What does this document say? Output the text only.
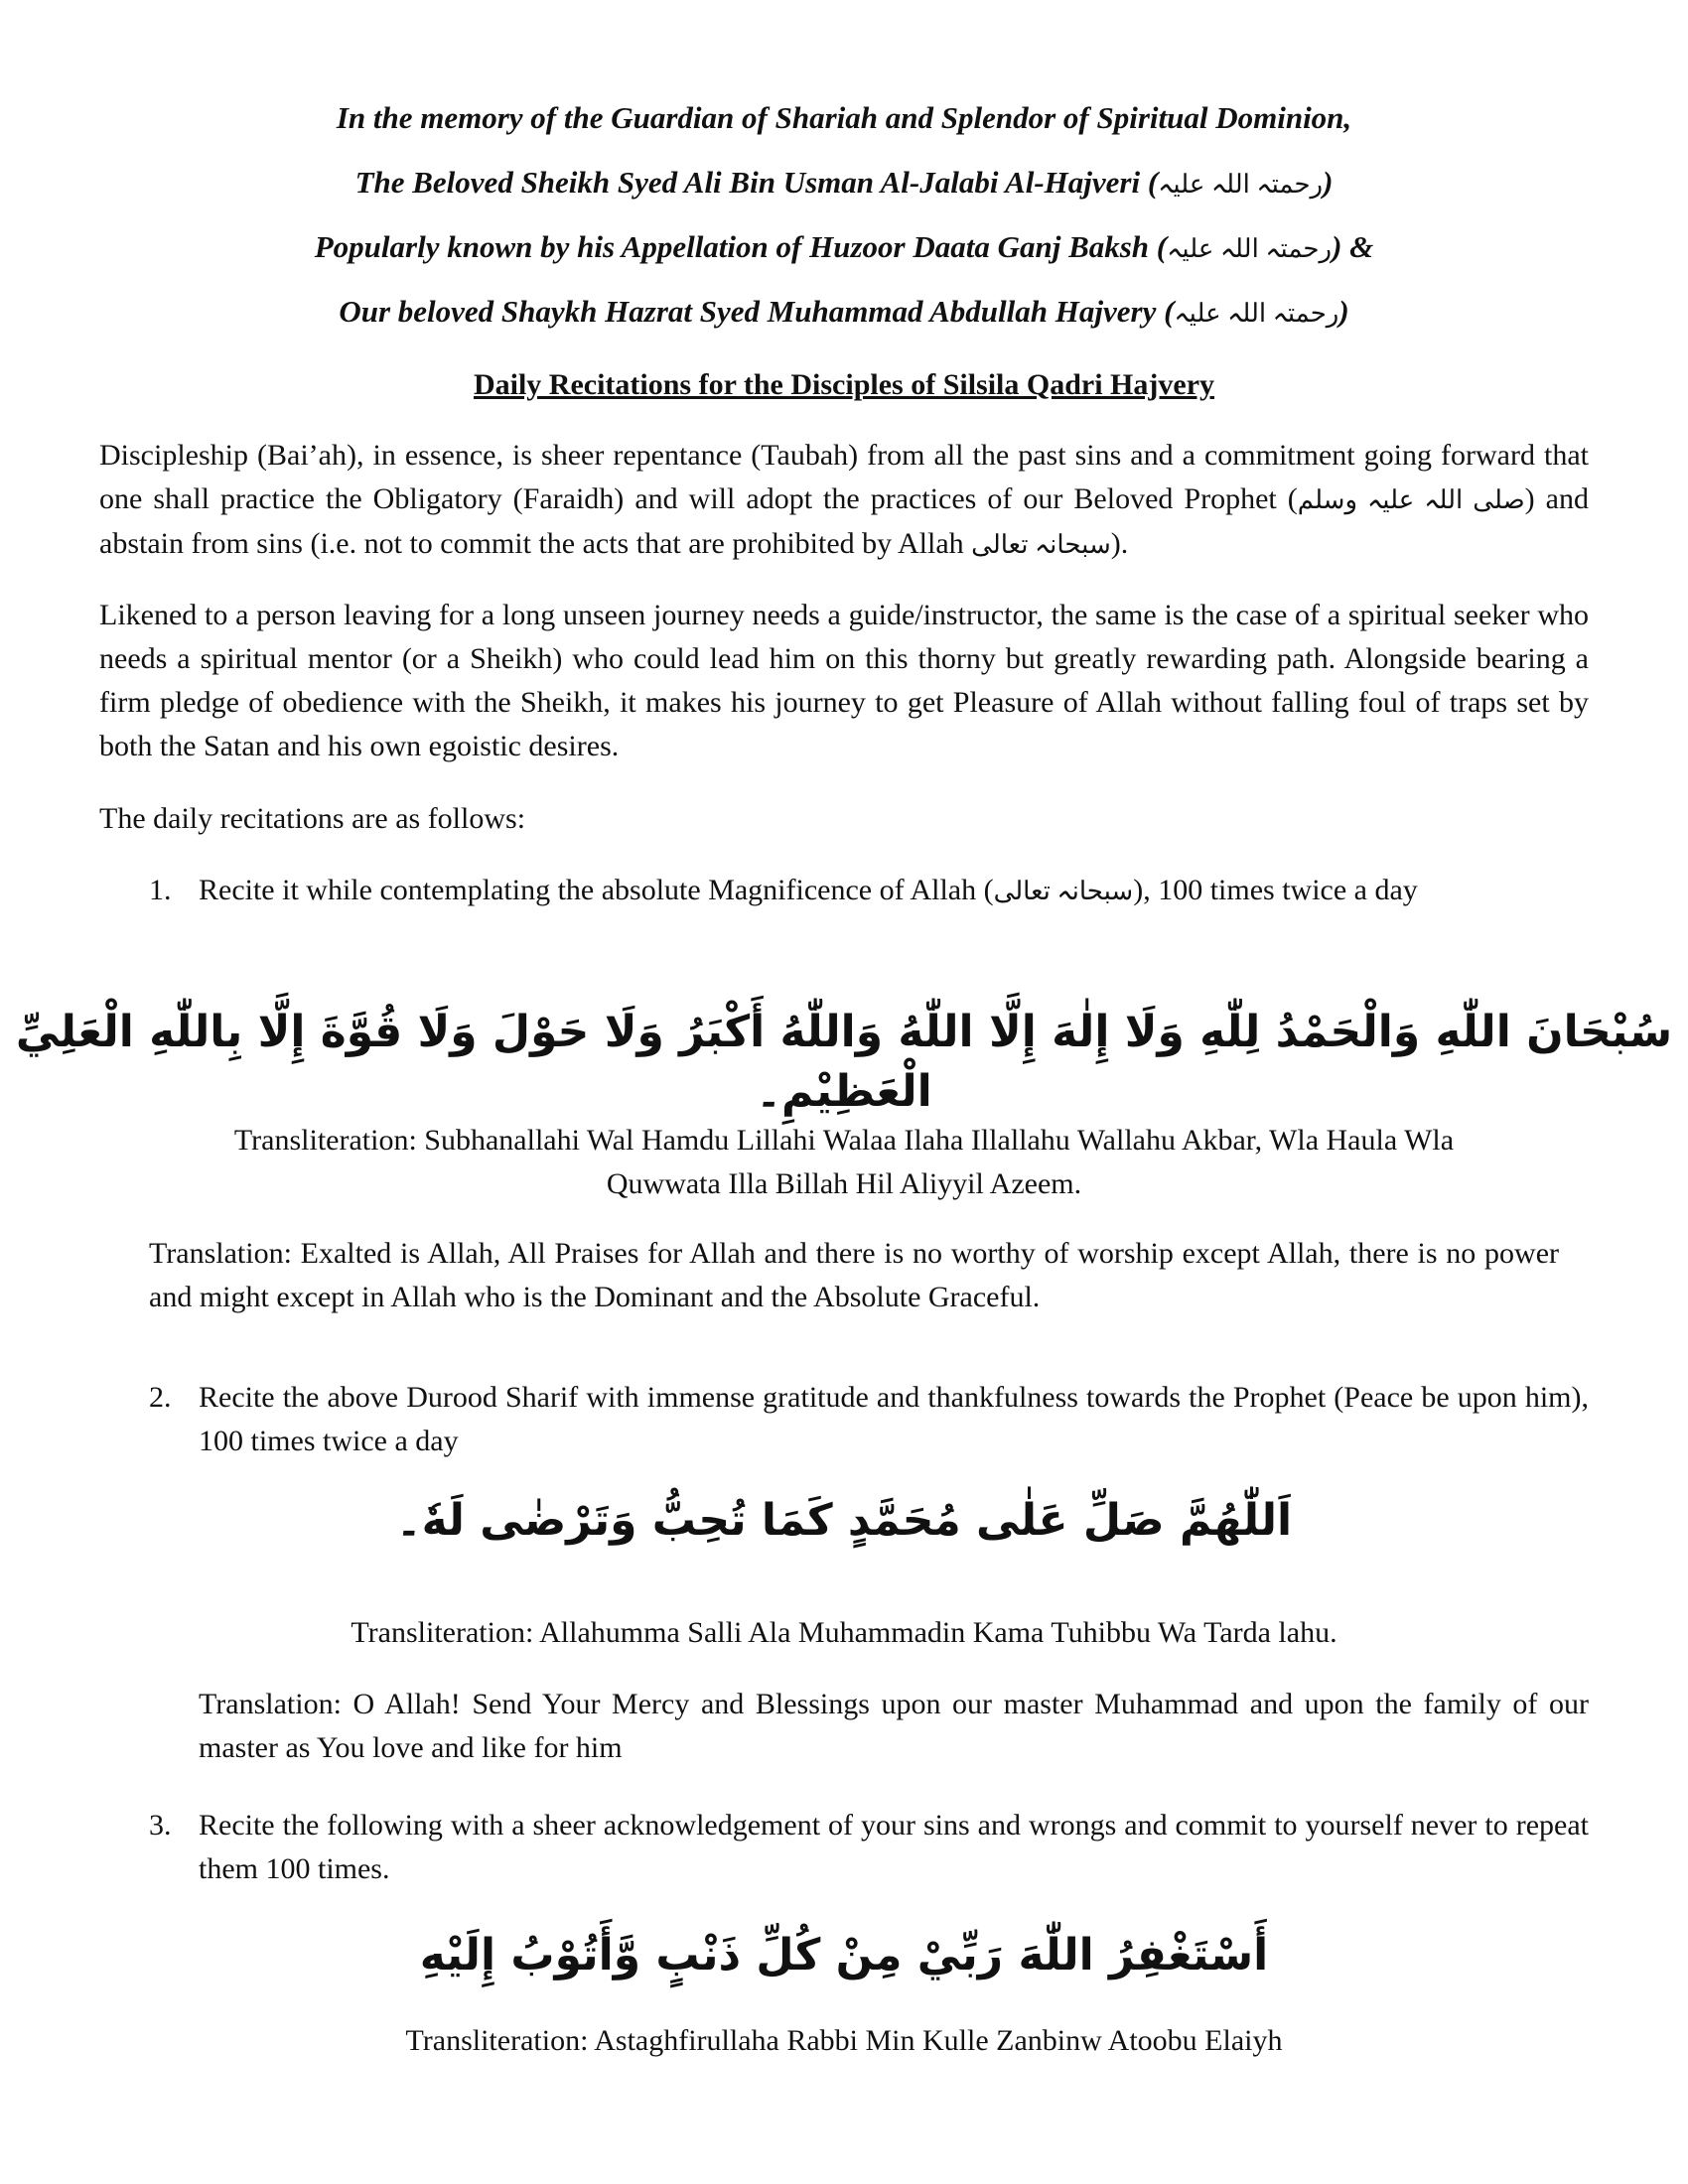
In the memory of the Guardian of Shariah and Splendor of Spiritual Dominion,
The Beloved Sheikh Syed Ali Bin Usman Al-Jalabi Al-Hajveri (رحمتہ اللہ علیہ)
Popularly known by his Appellation of Huzoor Daata Ganj Baksh (رحمتہ اللہ علیہ) &
Our beloved Shaykh Hazrat Syed Muhammad Abdullah Hajvery (رحمتہ اللہ علیہ)
Daily Recitations for the Disciples of Silsila Qadri Hajvery
Discipleship (Bai’ah), in essence, is sheer repentance (Taubah) from all the past sins and a commitment going forward that one shall practice the Obligatory (Faraidh) and will adopt the practices of our Beloved Prophet (صلی اللہ علیہ وسلم) and abstain from sins (i.e. not to commit the acts that are prohibited by Allah سبحانہ تعالی).
Likened to a person leaving for a long unseen journey needs a guide/instructor, the same is the case of a spiritual seeker who needs a spiritual mentor (or a Sheikh) who could lead him on this thorny but greatly rewarding path. Alongside bearing a firm pledge of obedience with the Sheikh, it makes his journey to get Pleasure of Allah without falling foul of traps set by both the Satan and his own egoistic desires.
The daily recitations are as follows:
1. Recite it while contemplating the absolute Magnificence of Allah (سبحانہ تعالی), 100 times twice a day
سُبْحَانَ اللّٰهِ وَالْحَمْدُ لِلّٰهِ وَلَا إِلٰهَ إِلَّا اللّٰهُ وَاللّٰهُ أَكْبَرُ وَلَا حَوْلَ وَلَا قُوَّةَ إِلَّا بِاللّٰهِ الْعَلِيِّ الْعَظِيْمِ۔
Transliteration: Subhanallahi Wal Hamdu Lillahi Walaa Ilaha Illallahu Wallahu Akbar, Wla Haula Wla
Quwwata Illa Billah Hil Aliyyil Azeem.
Translation: Exalted is Allah, All Praises for Allah and there is no worthy of worship except Allah, there is no power and might except in Allah who is the Dominant and the Absolute Graceful.
2. Recite the above Durood Sharif with immense gratitude and thankfulness towards the Prophet (Peace be upon him), 100 times twice a day
اَللّٰهُمَّ صَلِّ عَلٰى مُحَمَّدٍ كَمَا تُحِبُّ وَتَرْضٰى لَهٗ۔
Transliteration: Allahumma Salli Ala Muhammadin Kama Tuhibbu Wa Tarda lahu.
Translation: O Allah! Send Your Mercy and Blessings upon our master Muhammad and upon the family of our master as You love and like for him
3. Recite the following with a sheer acknowledgement of your sins and wrongs and commit to yourself never to repeat them 100 times.
أَسْتَغْفِرُ اللّٰهَ رَبِّيْ مِنْ كُلِّ ذَنْبٍ وَّأَتُوْبُ إِلَيْهِ
Transliteration: Astaghfirullaha Rabbi Min Kulle Zanbinw Atoobu Elaiyh
